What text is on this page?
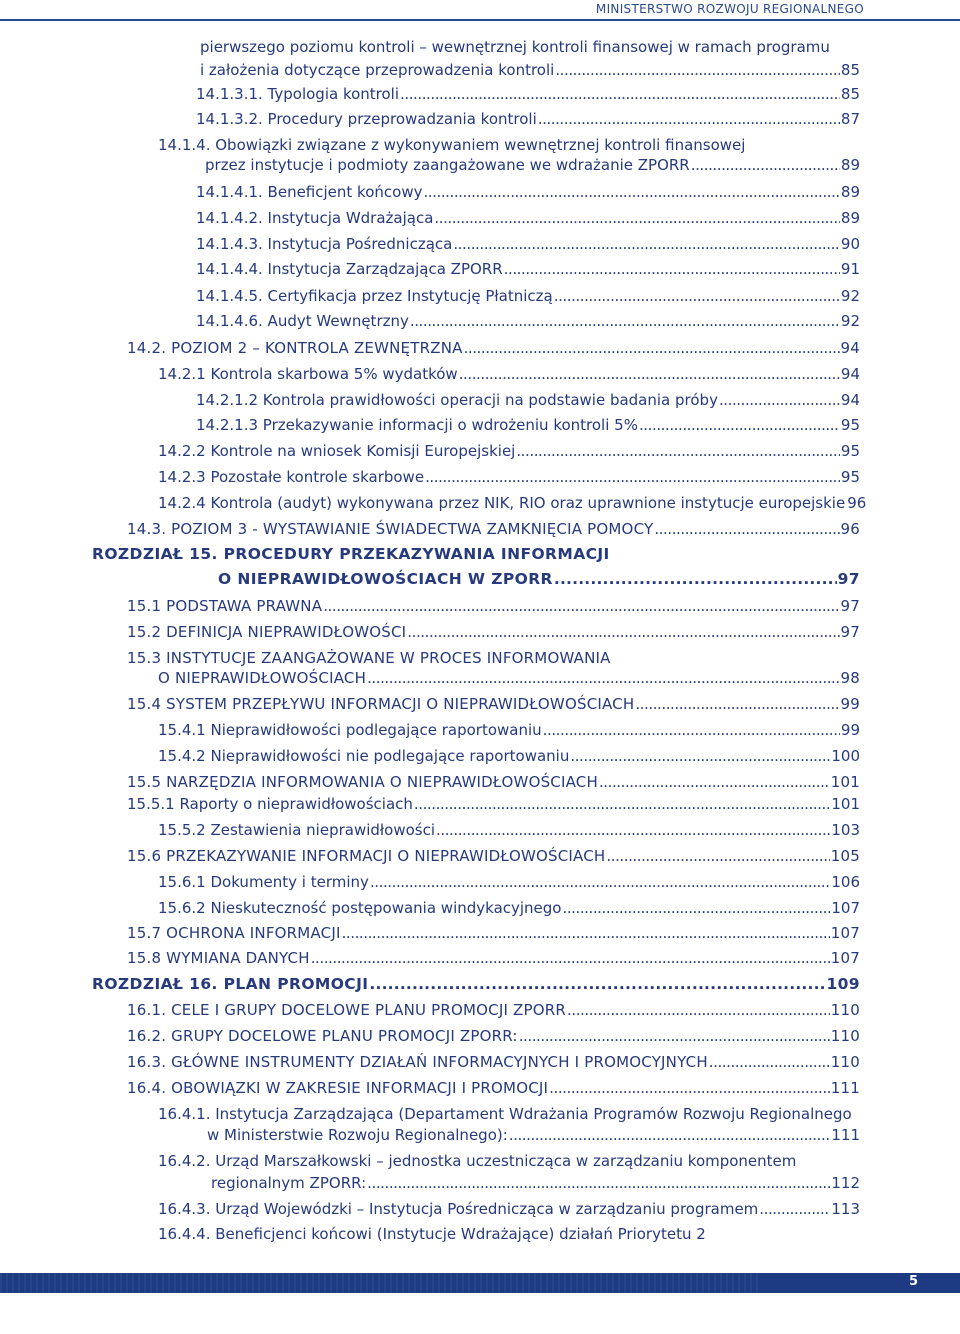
MINISTERSTWO ROZWOJU REGIONALNEGO
pierwszego poziomu kontroli – wewnętrznej kontroli finansowej w ramach programu
i założenia dotyczące przeprowadzenia kontroli . . .	85
14.1.3.1. Typologia kontroli . . .	85
14.1.3.2. Procedury przeprowadzania kontroli . . .	87
14.1.4. Obowiązki związane z wykonywaniem wewnętrznej kontroli finansowej
przez instytucje i podmioty zaangażowane we wdrażanie ZPORR . . .	89
14.1.4.1. Beneficjent końcowy . . .	89
14.1.4.2. Instytucja Wdrażająca . . .	89
14.1.4.3. Instytucja Pośrednicząca . . .	90
14.1.4.4. Instytucja Zarządzająca ZPORR . . .	91
14.1.4.5. Certyfikacja przez Instytucję Płatniczą . . .	92
14.1.4.6. Audyt Wewnętrzny . . .	92
14.2. POZIOM 2 – KONTROLA ZEWNĘTRZNA . . .	94
14.2.1 Kontrola skarbowa 5% wydatków . . .	94
14.2.1.2 Kontrola prawidłowości operacji na podstawie badania próby . . .	94
14.2.1.3 Przekazywanie informacji o wdrożeniu kontroli 5% . . .	95
14.2.2 Kontrole na wniosek Komisji Europejskiej . . .	95
14.2.3 Pozostałe kontrole skarbowe . . .	95
14.2.4 Kontrola (audyt) wykonywana przez NIK, RIO oraz uprawnione instytucje europejskie 96
14.3. POZIOM 3 - WYSTAWIANIE ŚWIADECTWA ZAMKNIĘCIA POMOCY . . .	96
ROZDZIAŁ 15. PROCEDURY PRZEKAZYWANIA INFORMACJI
O NIEPRAWIDŁOWOŚCIACH W ZPORR . . .	97
15.1 PODSTAWA PRAWNA . . .	97
15.2 DEFINICJA NIEPRAWIDŁOWOŚCI . . .	97
15.3 INSTYTUCJE ZAANGAŻOWANE W PROCES INFORMOWANIA
O NIEPRAWIDŁOWOŚCIACH . . .	98
15.4 SYSTEM PRZEPŁYWU INFORMACJI O NIEPRAWIDŁOWOŚCIACH . . .	99
15.4.1 Nieprawidłowości podlegające raportowaniu . . .	99
15.4.2 Nieprawidłowości nie podlegające raportowaniu . . .	100
15.5 NARZĘDZIA INFORMOWANIA O NIEPRAWIDŁOWOŚCIACH . . .	101
15.5.1 Raporty o nieprawidłowościach . . .	101
15.5.2 Zestawienia nieprawidłowości . . .	103
15.6 PRZEKAZYWANIE INFORMACJI O NIEPRAWIDŁOWOŚCIACH . . .	105
15.6.1 Dokumenty i terminy . . .	106
15.6.2 Nieskuteczność postępowania windykacyjnego . . .	107
15.7 OCHRONA INFORMACJI . . .	107
15.8 WYMIANA DANYCH . . .	107
ROZDZIAŁ 16. PLAN PROMOCJI . . .	109
16.1. CELE I GRUPY DOCELOWE PLANU PROMOCJI ZPORR . . .	110
16.2. GRUPY DOCELOWE PLANU PROMOCJI ZPORR: . . .	110
16.3. GŁÓWNE INSTRUMENTY DZIAŁAŃ INFORMACYJNYCH I PROMOCYJNYCH . . .	110
16.4. OBOWIĄZKI W ZAKRESIE INFORMACJI I PROMOCJI . . .	111
16.4.1. Instytucja Zarządzająca (Departament Wdrażania Programów Rozwoju Regionalnego
w Ministerstwie Rozwoju Regionalnego): . . .	111
16.4.2. Urząd Marszałkowski – jednostka uczestnicząca w zarządzaniu komponentem
regionalnym ZPORR: . . .	112
16.4.3. Urząd Wojewódzki – Instytucja Pośrednicząca w zarządzaniu programem . . .	113
16.4.4. Beneficjenci końcowi (Instytucje Wdrażające) działań Priorytetu 2
5
